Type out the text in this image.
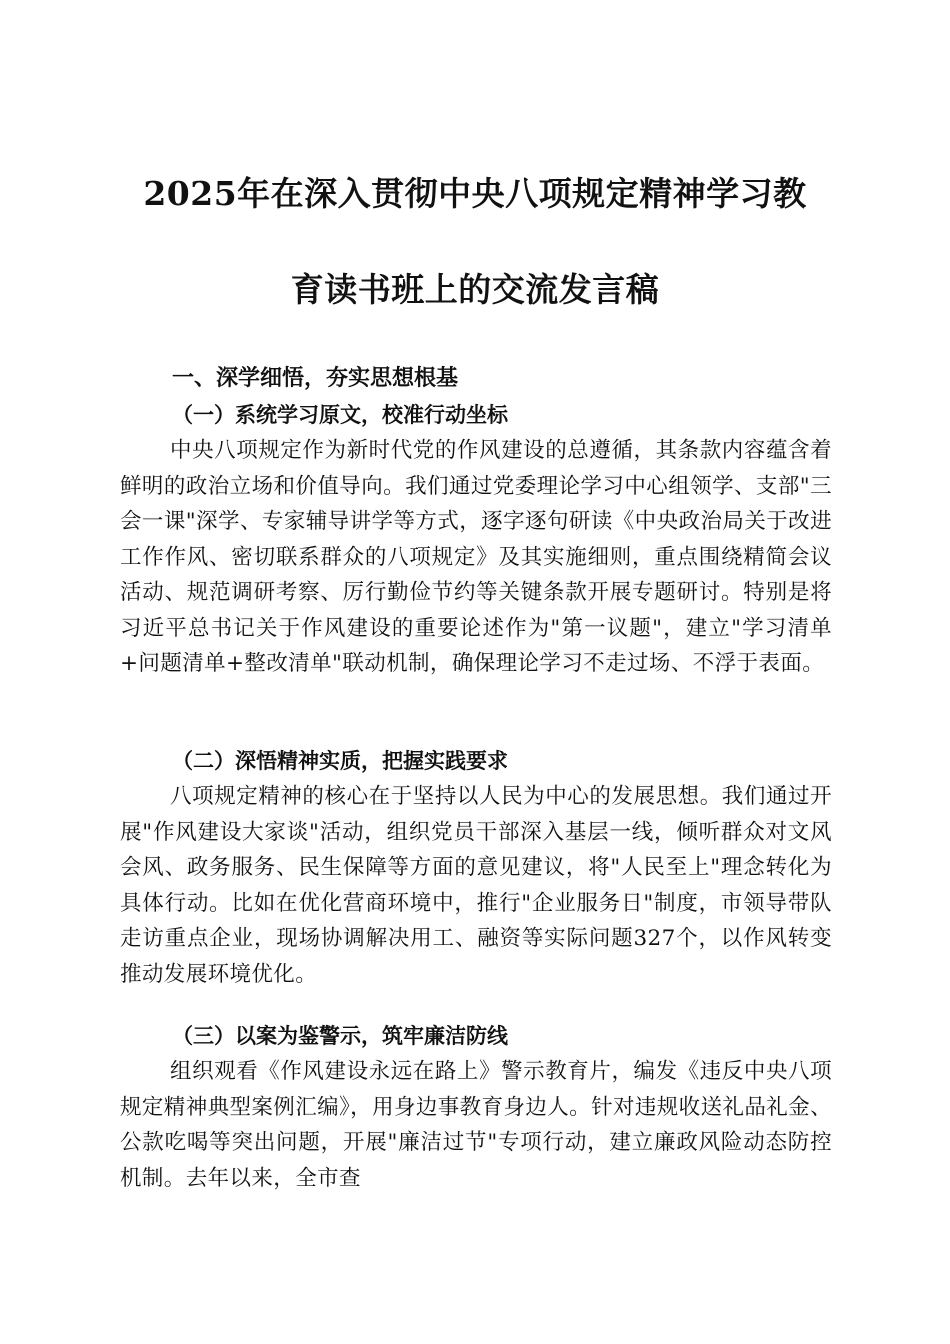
2025年在深入贯彻中央八项规定精神学习教
育读书班上的交流发言稿
一、深学细悟，夯实思想根基
（一）系统学习原文，校准行动坐标

中央八项规定作为新时代党的作风建设的总遵循，其条款内容蕴含着鲜明的政治立场和价值导向。我们通过党委理论学习中心组领学、支部"三会一课"深学、专家辅导讲学等方式，逐字逐句研读《中央政治局关于改进工作作风、密切联系群众的八项规定》及其实施细则，重点围绕精简会议活动、规范调研考察、厉行勤俭节约等关键条款开展专题研讨。特别是将习近平总书记关于作风建设的重要论述作为"第一议题"，建立"学习清单+问题清单+整改清单"联动机制，确保理论学习不走过场、不浮于表面。

（二）深悟精神实质，把握实践要求

八项规定精神的核心在于坚持以人民为中心的发展思想。我们通过开展"作风建设大家谈"活动，组织党员干部深入基层一线，倾听群众对文风会风、政务服务、民生保障等方面的意见建议，将"人民至上"理念转化为具体行动。比如在优化营商环境中，推行"企业服务日"制度，市领导带队走访重点企业，现场协调解决用工、融资等实际问题327个，以作风转变推动发展环境优化。

（三）以案为鉴警示，筑牢廉洁防线

组织观看《作风建设永远在路上》警示教育片，编发《违反中央八项规定精神典型案例汇编》，用身边事教育身边人。针对违规收送礼品礼金、公款吃喝等突出问题，开展"廉洁过节"专项行动，建立廉政风险动态防控机制。去年以来，全市查
